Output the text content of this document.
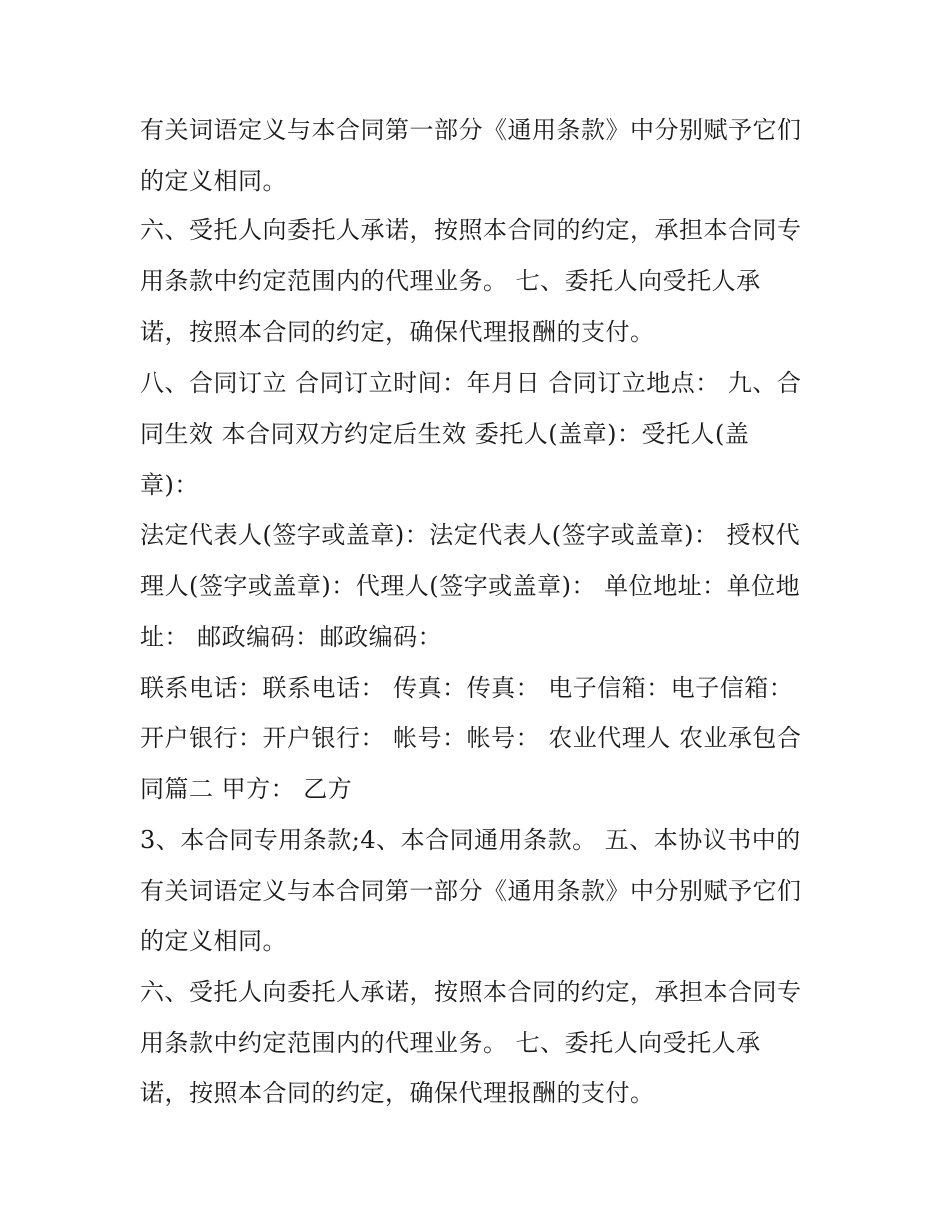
有关词语定义与本合同第一部分《通用条款》中分别赋予它们
的定义相同。
六、受托人向委托人承诺，按照本合同的约定，承担本合同专
用条款中约定范围内的代理业务。 七、委托人向受托人承
诺，按照本合同的约定，确保代理报酬的支付。
八、合同订立 合同订立时间：年月日 合同订立地点： 九、合
同生效 本合同双方约定后生效 委托人(盖章)：受托人(盖
章)：
法定代表人(签字或盖章)：法定代表人(签字或盖章)： 授权代
理人(签字或盖章)：代理人(签字或盖章)： 单位地址：单位地
址： 邮政编码：邮政编码：
联系电话：联系电话： 传真：传真： 电子信箱：电子信箱：
开户银行：开户银行： 帐号：帐号： 农业代理人 农业承包合
同篇二 甲方： 乙方
3、本合同专用条款;4、本合同通用条款。 五、本协议书中的
有关词语定义与本合同第一部分《通用条款》中分别赋予它们
的定义相同。
六、受托人向委托人承诺，按照本合同的约定，承担本合同专
用条款中约定范围内的代理业务。 七、委托人向受托人承
诺，按照本合同的约定，确保代理报酬的支付。
